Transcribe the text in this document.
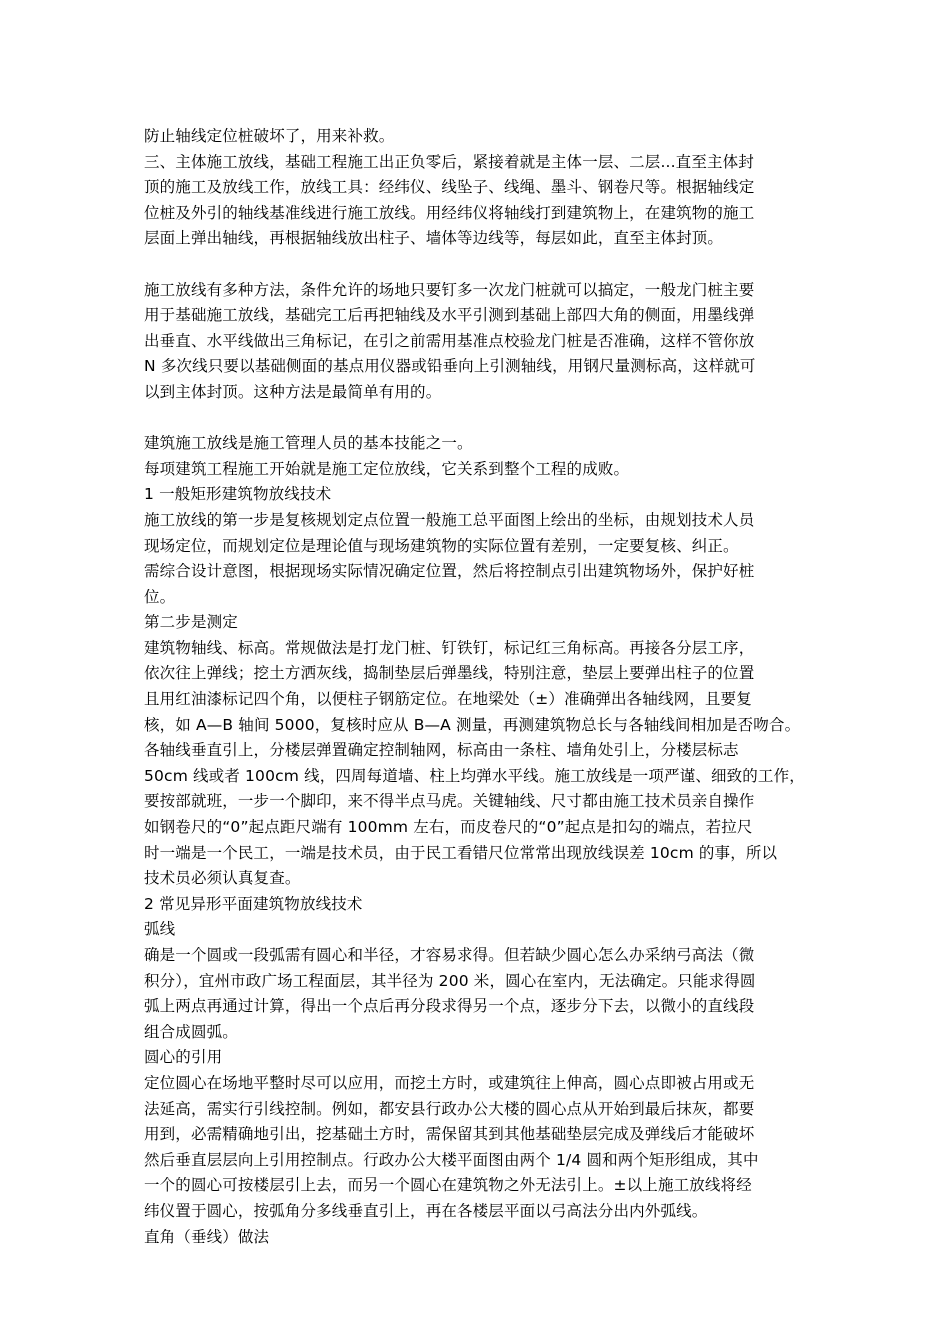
防止轴线定位桩破坏了，用来补救。
三、主体施工放线，基础工程施工出正负零后，紧接着就是主体一层、二层...直至主体封
顶的施工及放线工作，放线工具：经纬仪、线坠子、线绳、墨斗、钢卷尺等。根据轴线定
位桩及外引的轴线基准线进行施工放线。用经纬仪将轴线打到建筑物上，在建筑物的施工
层面上弹出轴线，再根据轴线放出柱子、墙体等边线等，每层如此，直至主体封顶。
施工放线有多种方法，条件允许的场地只要钉多一次龙门桩就可以搞定，一般龙门桩主要
用于基础施工放线，基础完工后再把轴线及水平引测到基础上部四大角的侧面，用墨线弹
出垂直、水平线做出三角标记，在引之前需用基准点校验龙门桩是否准确，这样不管你放
N 多次线只要以基础侧面的基点用仪器或铅垂向上引测轴线，用钢尺量测标高，这样就可
以到主体封顶。这种方法是最简单有用的。
建筑施工放线是施工管理人员的基本技能之一。
每项建筑工程施工开始就是施工定位放线，它关系到整个工程的成败。
1 一般矩形建筑物放线技术
施工放线的第一步是复核规划定点位置一般施工总平面图上绘出的坐标，由规划技术人员
现场定位，而规划定位是理论值与现场建筑物的实际位置有差别，一定要复核、纠正。
需综合设计意图，根据现场实际情况确定位置，然后将控制点引出建筑物场外，保护好桩
位。
第二步是测定
建筑物轴线、标高。常规做法是打龙门桩、钉铁钉，标记红三角标高。再接各分层工序，
依次往上弹线；挖土方洒灰线，捣制垫层后弹墨线，特别注意，垫层上要弹出柱子的位置
且用红油漆标记四个角，以便柱子钢筋定位。在地梁处（±）准确弹出各轴线网，且要复
核，如 A—B 轴间 5000，复核时应从 B—A 测量，再测建筑物总长与各轴线间相加是否吻合。
各轴线垂直引上，分楼层弹置确定控制轴网，标高由一条柱、墙角处引上，分楼层标志
50cm 线或者 100cm 线，四周每道墙、柱上均弹水平线。施工放线是一项严谨、细致的工作，
要按部就班，一步一个脚印，来不得半点马虎。关键轴线、尺寸都由施工技术员亲自操作
如钢卷尺的“0”起点距尺端有 100mm 左右，而皮卷尺的“0”起点是扣勾的端点，若拉尺
时一端是一个民工，一端是技术员，由于民工看错尺位常常出现放线误差 10cm 的事，所以
技术员必须认真复查。
2 常见异形平面建筑物放线技术
弧线
确是一个圆或一段弧需有圆心和半径，才容易求得。但若缺少圆心怎么办采纳弓高法（微
积分），宜州市政广场工程面层，其半径为 200 米，圆心在室内，无法确定。只能求得圆
弧上两点再通过计算，得出一个点后再分段求得另一个点，逐步分下去，以微小的直线段
组合成圆弧。
圆心的引用
定位圆心在场地平整时尽可以应用，而挖土方时，或建筑往上伸高，圆心点即被占用或无
法延高，需实行引线控制。例如，都安县行政办公大楼的圆心点从开始到最后抹灰，都要
用到，必需精确地引出，挖基础土方时，需保留其到其他基础垫层完成及弹线后才能破坏
然后垂直层层向上引用控制点。行政办公大楼平面图由两个 1/4 圆和两个矩形组成，其中
一个的圆心可按楼层引上去，而另一个圆心在建筑物之外无法引上。±以上施工放线将经
纬仪置于圆心，按弧角分多线垂直引上，再在各楼层平面以弓高法分出内外弧线。
直角（垂线）做法
